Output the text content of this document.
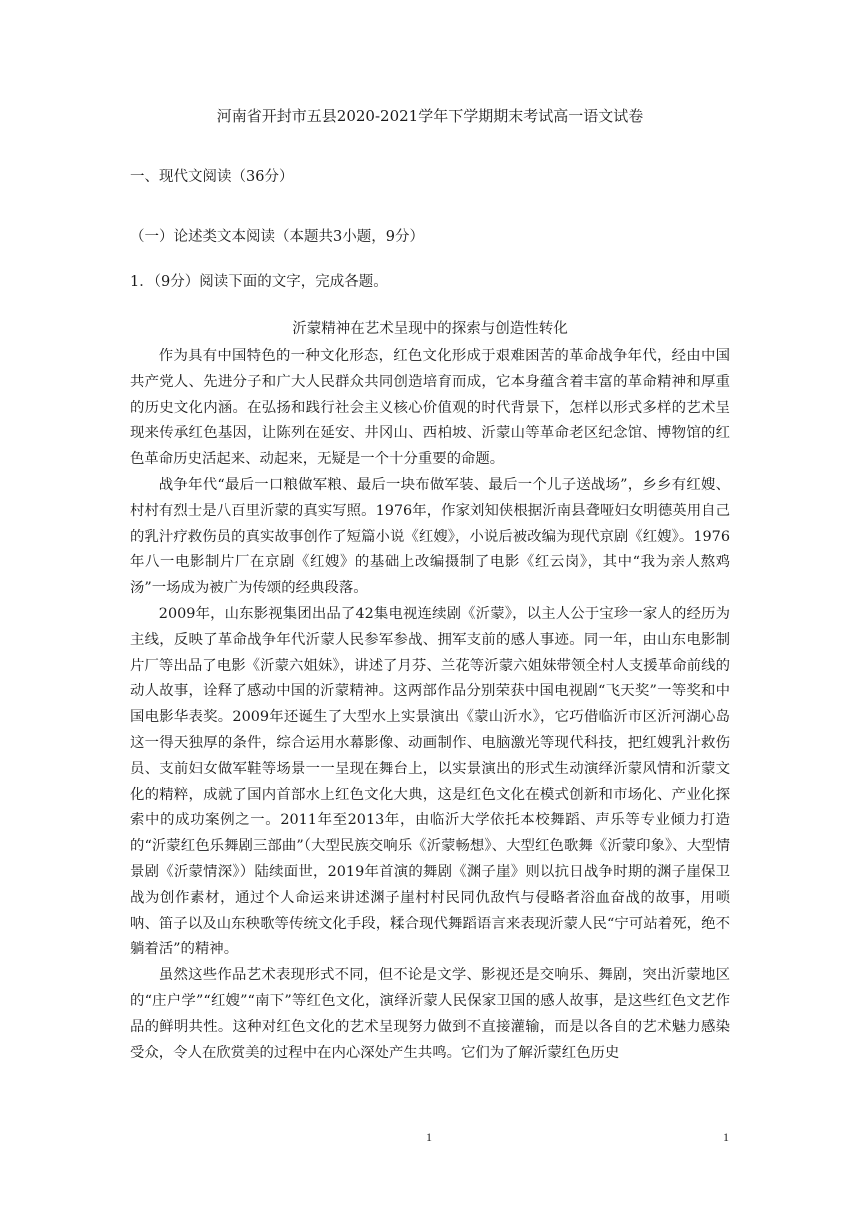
河南省开封市五县2020-2021学年下学期期末考试高一语文试卷
一、现代文阅读（36分）
（一）论述类文本阅读（本题共3小题，9分）
1．（9分）阅读下面的文字，完成各题。
沂蒙精神在艺术呈现中的探索与创造性转化

作为具有中国特色的一种文化形态，红色文化形成于艰难困苦的革命战争年代，经由中国共产党人、先进分子和广大人民群众共同创造培育而成，它本身蕴含着丰富的革命精神和厚重的历史文化内涵。在弘扬和践行社会主义核心价值观的时代背景下，怎样以形式多样的艺术呈现来传承红色基因，让陈列在延安、井冈山、西柏坡、沂蒙山等革命老区纪念馆、博物馆的红色革命历史活起来、动起来，无疑是一个十分重要的命题。

战争年代“最后一口粮做军粮、最后一块布做军装、最后一个儿子送战场”，乡乡有红嫂、村村有烈士是八百里沂蒙的真实写照。1976年，作家刘知侠根据沂南县聋哑妇女明德英用自己的乳汁疗救伤员的真实故事创作了短篇小说《红嫂》，小说后被改编为现代京剧《红嫂》。1976年八一电影制片厂在京剧《红嫂》的基础上改编摄制了电影《红云岗》，其中“我为亲人熬鸡汤”一场成为被广为传颂的经典段落。

2009年，山东影视集团出品了42集电视连续剧《沂蒙》，以主人公于宝珍一家人的经历为主线，反映了革命战争年代沂蒙人民参军参战、拥军支前的感人事迹。同一年，由山东电影制片厂等出品了电影《沂蒙六姐妹》，讲述了月芬、兰花等沂蒙六姐妹带领全村人支援革命前线的动人故事，诠释了感动中国的沂蒙精神。这两部作品分别荣获中国电视剧“飞天奖”一等奖和中国电影华表奖。2009年还诞生了大型水上实景演出《蒙山沂水》，它巧借临沂市区沂河湖心岛这一得天独厚的条件，综合运用水幕影像、动画制作、电脑激光等现代科技，把红嫂乳汁救伤员、支前妇女做军鞋等场景一一呈现在舞台上，以实景演出的形式生动演绎沂蒙风情和沂蒙文化的精粹，成就了国内首部水上红色文化大典，这是红色文化在模式创新和市场化、产业化探索中的成功案例之一。2011年至2013年，由临沂大学依托本校舞蹈、声乐等专业倾力打造的“沂蒙红色乐舞剧三部曲”（大型民族交响乐《沂蒙畅想》、大型红色歌舞《沂蒙印象》、大型情景剧《沂蒙情深》）陆续面世，2019年首演的舞剧《渊子崖》则以抗日战争时期的渊子崖保卫战为创作素材，通过个人命运来讲述渊子崖村村民同仇敌忾与侵略者浴血奋战的故事，用唢呐、笛子以及山东秧歌等传统文化手段，糅合现代舞蹈语言来表现沂蒙人民“宁可站着死，绝不躺着活”的精神。

虽然这些作品艺术表现形式不同，但不论是文学、影视还是交响乐、舞剧，突出沂蒙地区的“庄户学”“红嫂”“南下”等红色文化，演绎沂蒙人民保家卫国的感人故事，是这些红色文艺作品的鲜明共性。这种对红色文化的艺术呈现努力做到不直接灌输，而是以各自的艺术魅力感染受众，令人在欣赏美的过程中在内心深处产生共鸣。它们为了解沂蒙红色历史

1	1
